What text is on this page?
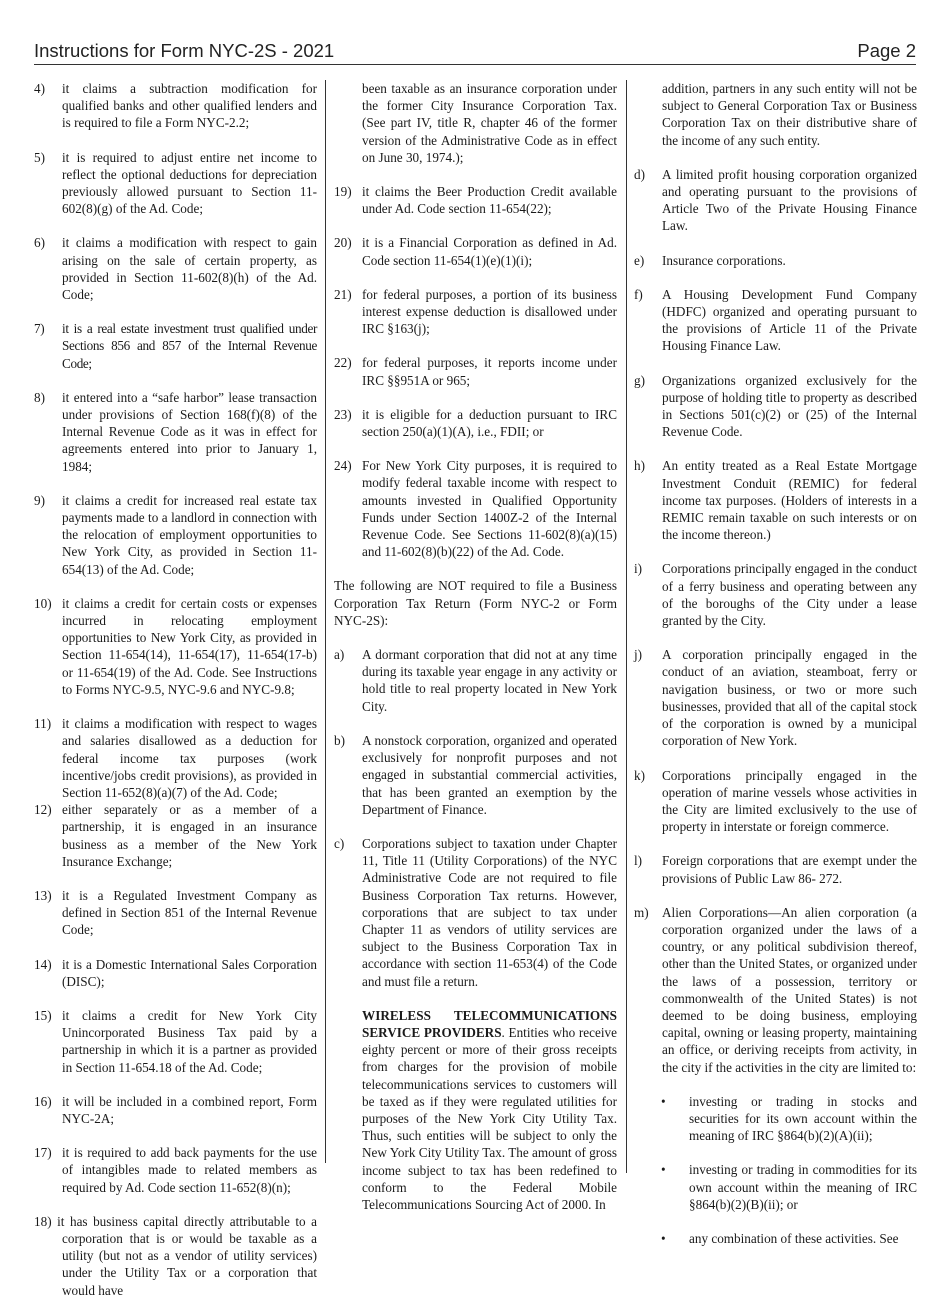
Instructions for Form NYC-2S - 2021	Page 2
4) it claims a subtraction modification for qualified banks and other qualified lenders and is required to file a Form NYC-2.2;
5) it is required to adjust entire net income to reflect the optional deductions for depreciation previously allowed pursuant to Section 11-602(8)(g) of the Ad. Code;
6) it claims a modification with respect to gain arising on the sale of certain property, as provided in Section 11-602(8)(h) of the Ad. Code;
7) it is a real estate investment trust qualified under Sections 856 and 857 of the Internal Revenue Code;
8) it entered into a “safe harbor” lease transaction under provisions of Section 168(f)(8) of the Internal Revenue Code as it was in effect for agreements entered into prior to January 1, 1984;
9) it claims a credit for increased real estate tax payments made to a landlord in connection with the relocation of employment opportunities to New York City, as provided in Section 11-654(13) of the Ad. Code;
10) it claims a credit for certain costs or expenses incurred in relocating employment opportunities to New York City, as provided in Section 11-654(14), 11-654(17), 11-654(17-b) or 11-654(19) of the Ad. Code. See Instructions to Forms NYC-9.5, NYC-9.6 and NYC-9.8;
11) it claims a modification with respect to wages and salaries disallowed as a deduction for federal income tax purposes (work incentive/jobs credit provisions), as provided in Section 11-652(8)(a)(7) of the Ad. Code;
12) either separately or as a member of a partnership, it is engaged in an insurance business as a member of the New York Insurance Exchange;
13) it is a Regulated Investment Company as defined in Section 851 of the Internal Revenue Code;
14) it is a Domestic International Sales Corporation (DISC);
15) it claims a credit for New York City Unincorporated Business Tax paid by a partnership in which it is a partner as provided in Section 11-654.18 of the Ad. Code;
16) it will be included in a combined report, Form NYC-2A;
17) it is required to add back payments for the use of intangibles made to related members as required by Ad. Code section 11-652(8)(n);
18) it has business capital directly attributable to a corporation that is or would be taxable as a utility (but not as a vendor of utility services) under the Utility Tax or a corporation that would have

been taxable as an insurance corporation under the former City Insurance Corporation Tax. (See part IV, title R, chapter 46 of the former version of the Administrative Code as in effect on June 30, 1974.);

19) it claims the Beer Production Credit available under Ad. Code section 11-654(22);
20) it is a Financial Corporation as defined in Ad. Code section 11-654(1)(e)(1)(i);
21) for federal purposes, a portion of its business interest expense deduction is disallowed under IRC §163(j);
22) for federal purposes, it reports income under IRC §§951A or 965;
23) it is eligible for a deduction pursuant to IRC section 250(a)(1)(A), i.e., FDII; or
24) For New York City purposes, it is required to modify federal taxable income with respect to amounts invested in Qualified Opportunity Funds under Section 1400Z-2 of the Internal Revenue Code. See Sections 11-602(8)(a)(15) and 11-602(8)(b)(22) of the Ad. Code.

The following are NOT required to file a Business Corporation Tax Return (Form NYC-2 or Form NYC-2S):

a) A dormant corporation that did not at any time during its taxable year engage in any activity or hold title to real property located in New York City.
b) A nonstock corporation, organized and operated exclusively for nonprofit purposes and not engaged in substantial commercial activities, that has been granted an exemption by the Department of Finance.
c) Corporations subject to taxation under Chapter 11, Title 11 (Utility Corporations) of the NYC Administrative Code are not required to file Business Corporation Tax returns. However, corporations that are subject to tax under Chapter 11 as vendors of utility services are subject to the Business Corporation Tax in accordance with section 11-653(4) of the Code and must file a return.

WIRELESS TELECOMMUNICATIONS SERVICE PROVIDERS. Entities who receive eighty percent or more of their gross receipts from charges for the provision of mobile telecommunications services to customers will be taxed as if they were regulated utilities for purposes of the New York City Utility Tax. Thus, such entities will be subject to only the New York City Utility Tax. The amount of gross income subject to tax has been redefined to conform to the Federal Mobile Telecommunications Sourcing Act of 2000. In

addition, partners in any such entity will not be subject to General Corporation Tax or Business Corporation Tax on their distributive share of the income of any such entity.

d) A limited profit housing corporation organized and operating pursuant to the provisions of Article Two of the Private Housing Finance Law.
e) Insurance corporations.
f) A Housing Development Fund Company (HDFC) organized and operating pursuant to the provisions of Article 11 of the Private Housing Finance Law.
g) Organizations organized exclusively for the purpose of holding title to property as described in Sections 501(c)(2) or (25) of the Internal Revenue Code.
h) An entity treated as a Real Estate Mortgage Investment Conduit (REMIC) for federal income tax purposes. (Holders of interests in a REMIC remain taxable on such interests or on the income thereon.)
i) Corporations principally engaged in the conduct of a ferry business and operating between any of the boroughs of the City under a lease granted by the City.
j) A corporation principally engaged in the conduct of an aviation, steamboat, ferry or navigation business, or two or more such businesses, provided that all of the capital stock of the corporation is owned by a municipal corporation of New York.
k) Corporations principally engaged in the operation of marine vessels whose activities in the City are limited exclusively to the use of property in interstate or foreign commerce.
l) Foreign corporations that are exempt under the provisions of Public Law 86- 272.
m) Alien Corporations—An alien corporation (a corporation organized under the laws of a country, or any political subdivision thereof, other than the United States, or organized under the laws of a possession, territory or commonwealth of the United States) is not deemed to be doing business, employing capital, owning or leasing property, maintaining an office, or deriving receipts from activity, in the city if the activities in the city are limited to:
• investing or trading in stocks and securities for its own account within the meaning of IRC §864(b)(2)(A)(ii);
• investing or trading in commodities for its own account within the meaning of IRC §864(b)(2)(B)(ii); or
• any combination of these activities. See
